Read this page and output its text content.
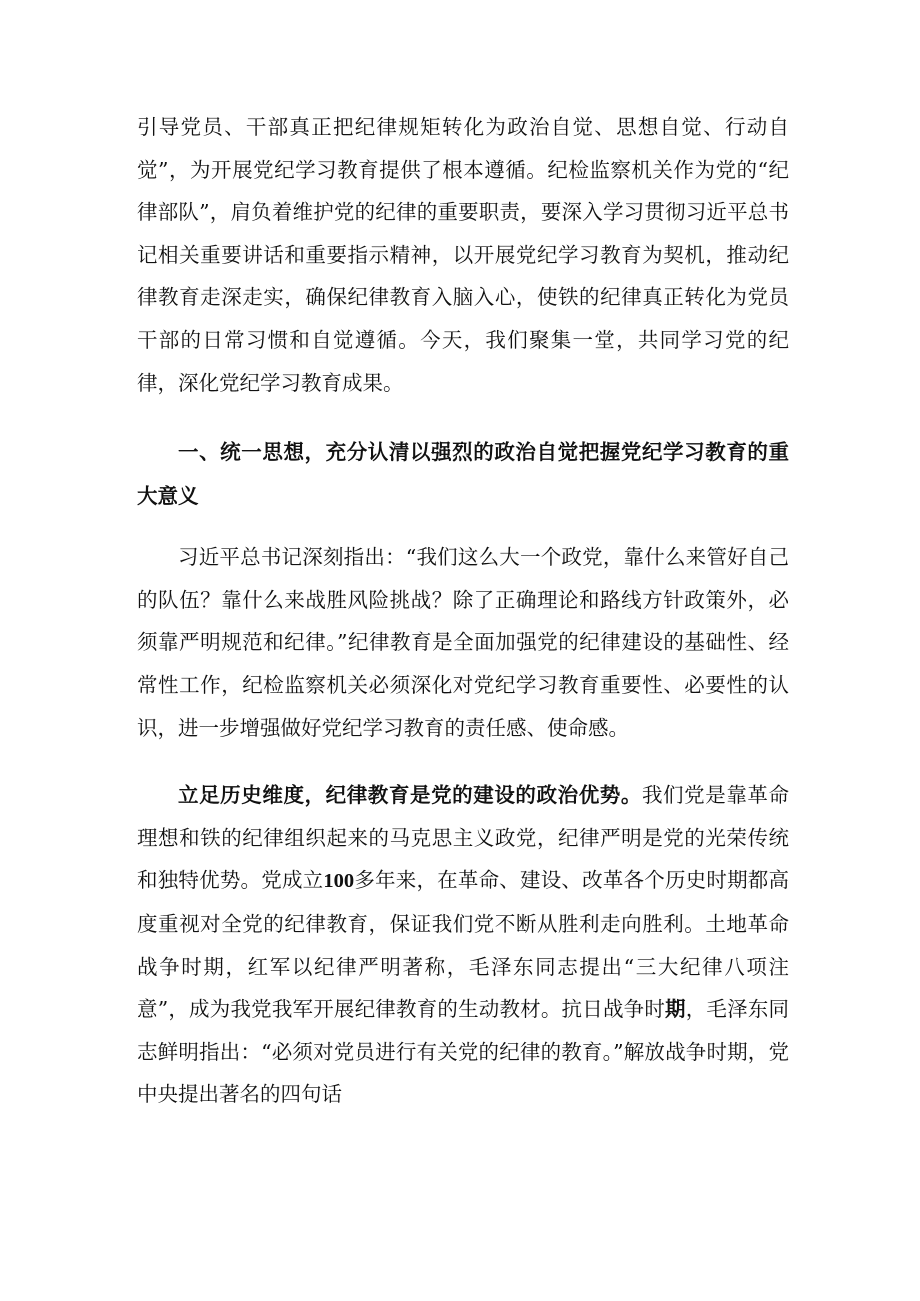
引导党员、干部真正把纪律规矩转化为政治自觉、思想自觉、行动自觉”，为开展党纪学习教育提供了根本遵循。纪检监察机关作为党的“纪律部队”，肩负着维护党的纪律的重要职责，要深入学习贯彻习近平总书记相关重要讲话和重要指示精神，以开展党纪学习教育为契机，推动纪律教育走深走实，确保纪律教育入脑入心，使铁的纪律真正转化为党员干部的日常习惯和自觉遵循。今天，我们聚集一堂，共同学习党的纪律，深化党纪学习教育成果。

一、统一思想，充分认清以强烈的政治自觉把握党纪学习教育的重大意义

习近平总书记深刻指出：“我们这么大一个政党，靠什么来管好自己的队伍？靠什么来战胜风险挑战？除了正确理论和路线方针政策外，必须靠严明规范和纪律。”纪律教育是全面加强党的纪律建设的基础性、经常性工作，纪检监察机关必须深化对党纪学习教育重要性、必要性的认识，进一步增强做好党纪学习教育的责任感、使命感。

立足历史维度，纪律教育是党的建设的政治优势。我们党是靠革命理想和铁的纪律组织起来的马克思主义政党，纪律严明是党的光荣传统和独特优势。党成立100多年来，在革命、建设、改革各个历史时期都高度重视对全党的纪律教育，保证我们党不断从胜利走向胜利。土地革命战争时期，红军以纪律严明著称，毛泽东同志提出“三大纪律八项注意”，成为我党我军开展纪律教育的生动教材。抗日战争时期，毛泽东同志鲜明指出：“必须对党员进行有关党的纪律的教育。”解放战争时期，党中央提出著名的四句话
